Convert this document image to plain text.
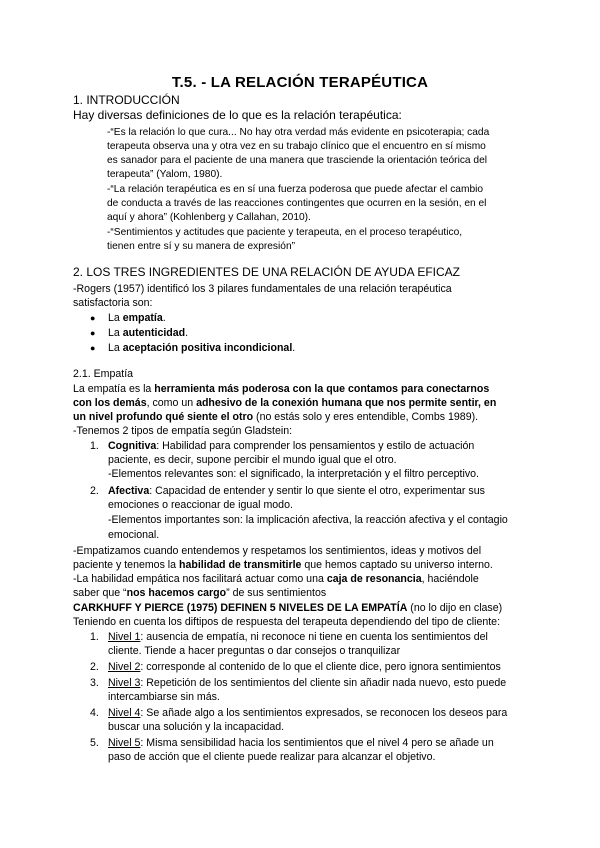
T.5. - LA RELACIÓN TERAPÉUTICA
1. INTRODUCCIÓN
Hay diversas definiciones de lo que es la relación terapéutica:
-“Es la relación lo que cura... No hay otra verdad más evidente en psicoterapia; cada
terapeuta observa una y otra vez en su trabajo clínico que el encuentro en sí mismo
es sanador para el paciente de una manera que trasciende la orientación teórica del
terapeuta” (Yalom, 1980).
-“La relación terapéutica es en sí una fuerza poderosa que puede afectar el cambio
de conducta a través de las reacciones contingentes que ocurren en la sesión, en el
aquí y ahora” (Kohlenberg y Callahan, 2010).
-“Sentimientos y actitudes que paciente y terapeuta, en el proceso terapéutico,
tienen entre sí y su manera de expresión”
2. LOS TRES INGREDIENTES DE UNA RELACIÓN DE AYUDA EFICAZ
-Rogers (1957) identificó los 3 pilares fundamentales de una relación terapéutica
satisfactoria son:
● La empatía.
● La autenticidad.
● La aceptación positiva incondicional.
2.1. Empatía
La empatía es la herramienta más poderosa con la que contamos para conectarnos
con los demás, como un adhesivo de la conexión humana que nos permite sentir, en
un nivel profundo qué siente el otro (no estás solo y eres entendible, Combs 1989).
-Tenemos 2 tipos de empatía según Gladstein:
1. Cognitiva: Habilidad para comprender los pensamientos y estilo de actuación
paciente, es decir, supone percibir el mundo igual que el otro.
-Elementos relevantes son: el significado, la interpretación y el filtro perceptivo.
2. Afectiva: Capacidad de entender y sentir lo que siente el otro, experimentar sus
emociones o reaccionar de igual modo.
-Elementos importantes son: la implicación afectiva, la reacción afectiva y el contagio
emocional.
-Empatizamos cuando entendemos y respetamos los sentimientos, ideas y motivos del
paciente y tenemos la habilidad de transmitirle que hemos captado su universo interno.
-La habilidad empática nos facilitará actuar como una caja de resonancia, haciéndole
saber que “nos hacemos cargo” de sus sentimientos
CARKHUFF Y PIERCE (1975) DEFINEN 5 NIVELES DE LA EMPATÍA (no lo dijo en clase)
Teniendo en cuenta los diftipos de respuesta del terapeuta dependiendo del tipo de cliente:
1. Nivel 1: ausencia de empatía, ni reconoce ni tiene en cuenta los sentimientos del
cliente. Tiende a hacer preguntas o dar consejos o tranquilizar
2. Nivel 2: corresponde al contenido de lo que el cliente dice, pero ignora sentimientos
3. Nivel 3: Repetición de los sentimientos del cliente sin añadir nada nuevo, esto puede
intercambiarse sin más.
4. Nivel 4: Se añade algo a los sentimientos expresados, se reconocen los deseos para
buscar una solución y la incapacidad.
5. Nivel 5: Misma sensibilidad hacia los sentimientos que el nivel 4 pero se añade un
paso de acción que el cliente puede realizar para alcanzar el objetivo.
